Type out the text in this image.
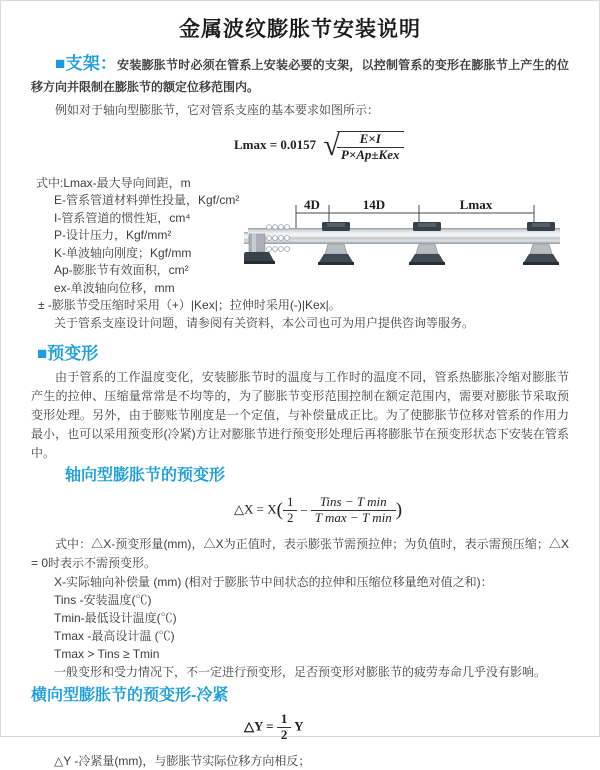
金属波纹膨胀节安装说明

■支架：安装膨胀节时必须在管系上安装必要的支架，以控制管系的变形在膨胀节上产生的位移方向并限制在膨胀节的额定位移范围内。

例如对于轴向型膨胀节，它对管系支座的基本要求如图所示：

Lmax = 0.0157 √
$\frac{E\times I}{\text{P×Ap±Kex}}$
式中:Lmax-最大导向间距，m
E-管系管道材料弹性投量，Kgf/cm²
I-管系管道的惯性矩，cm⁴
P-设计压力，Kgf/mm²
K-单波轴向刚度；Kgf/mm
Ap-膨胀节有效面积，cm²
ex-单波轴向位移，mm
± -膨胀节受压缩时采用（+）|Kex|；拉伸时采用(-)|Kex|。
关于管系支座设计问题，请参阅有关资料，本公司也可为用户提供咨询等服务。

■预变形

由于管系的工作温度变化，安装膨胀节时的温度与工作时的温度不同，管系热膨胀冷缩对膨胀节产生的拉伸、压缩量常常是不均等的，为了膨胀节变形范围控制在额定范围内，需要对膨胀节采取预变形处理。另外，由于膨账节刚度是一个定值，与补偿量成正比。为了使膨胀节位移对管系的作用力最小，也可以采用预变形(冷紧)方让对膨胀节进行预变形处理后再将膨胀节在预变形状态下安装在管系中。

轴向型膨胀节的预变形
△X = $X( \frac{1}{2} - \frac{\text{Tins − T min}}{\text{T max − T min}}$ )

式中：△X-预变形量(mm)，△X为正值时，表示膨张节需预拉伸；为负值时，表示需预压缩；△X = 0时表示不需预变形。

X-实际轴向补偿量 (mm) (相对于膨胀节中间状态的拉伸和压缩位移量绝对值之和)：
Tins -安装温度(℃)
Tmin-最低设计温度(℃)
Tmax -最高设计温 (℃)
Tmax > Tins ≥ Tmin
一般变形和受力情况下，不一定进行预变形，足否预变形对膨胀节的疲劳寿命几乎没有影响。
横向型膨胀节的预变形-冷紧
△Y = $\frac{1}{2}$ Y
△Y -冷紧量(mm)，与膨胀节实际位移方向相反；
4D	14D	Lmax
